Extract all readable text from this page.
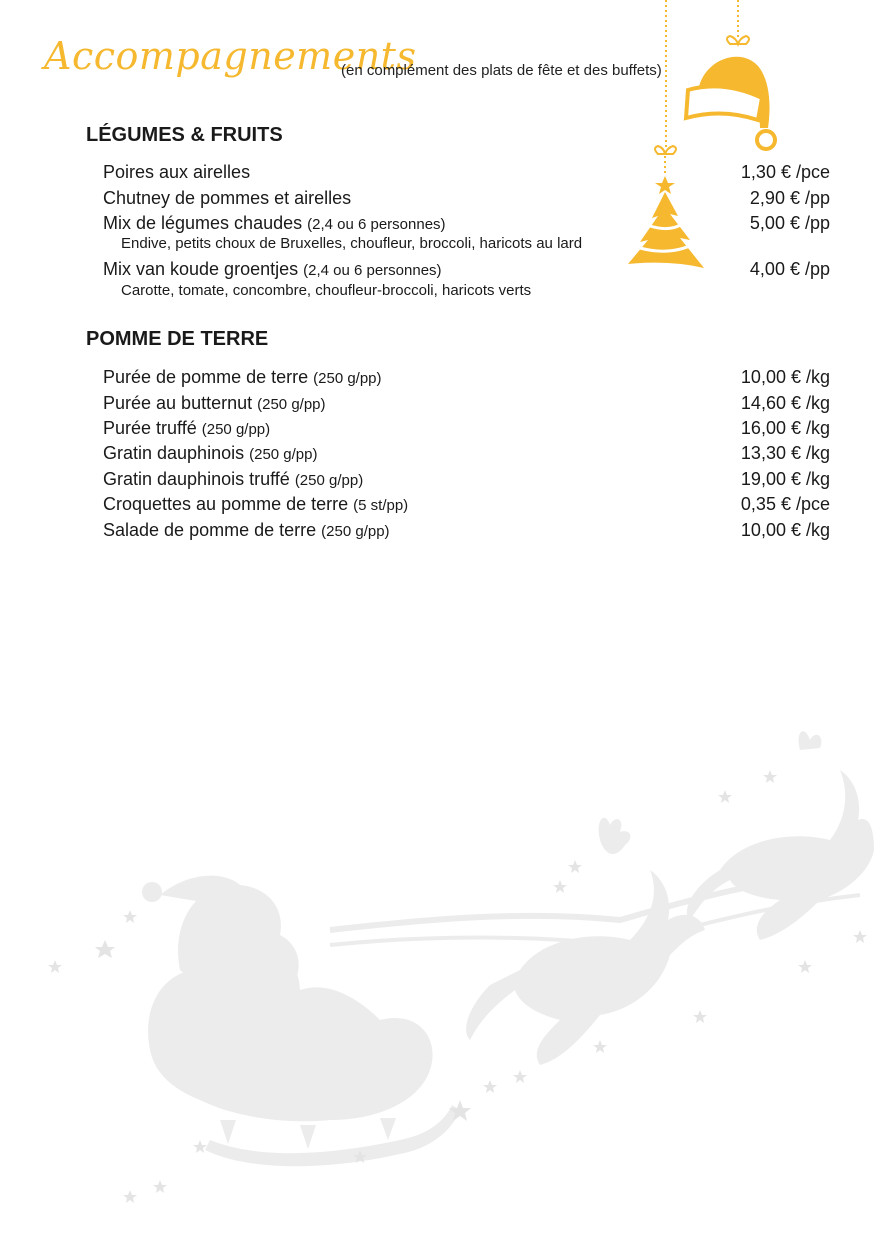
Accompagnements
(en complément des plats de fête et des buffets)
LÉGUMES & FRUITS
Poires aux airelles	1,30 € /pce
Chutney de pommes et airelles	2,90 € /pp
Mix de légumes chaudes (2,4 ou 6 personnes)	5,00 € /pp
Endive, petits choux de Bruxelles, choufleur, broccoli, haricots au lard
Mix van koude groentjes (2,4 ou 6 personnes)	4,00 € /pp
Carotte, tomate, concombre, choufleur-broccoli, haricots verts
POMME DE TERRE
Purée de pomme de terre (250 g/pp)	10,00 € /kg
Purée au butternut (250 g/pp)	14,60 € /kg
Purée truffé (250 g/pp)	16,00 € /kg
Gratin dauphinois (250 g/pp)	13,30 € /kg
Gratin dauphinois truffé (250 g/pp)	19,00 € /kg
Croquettes au pomme de terre (5 st/pp)	0,35 € /pce
Salade de pomme de terre (250 g/pp)	10,00 € /kg
